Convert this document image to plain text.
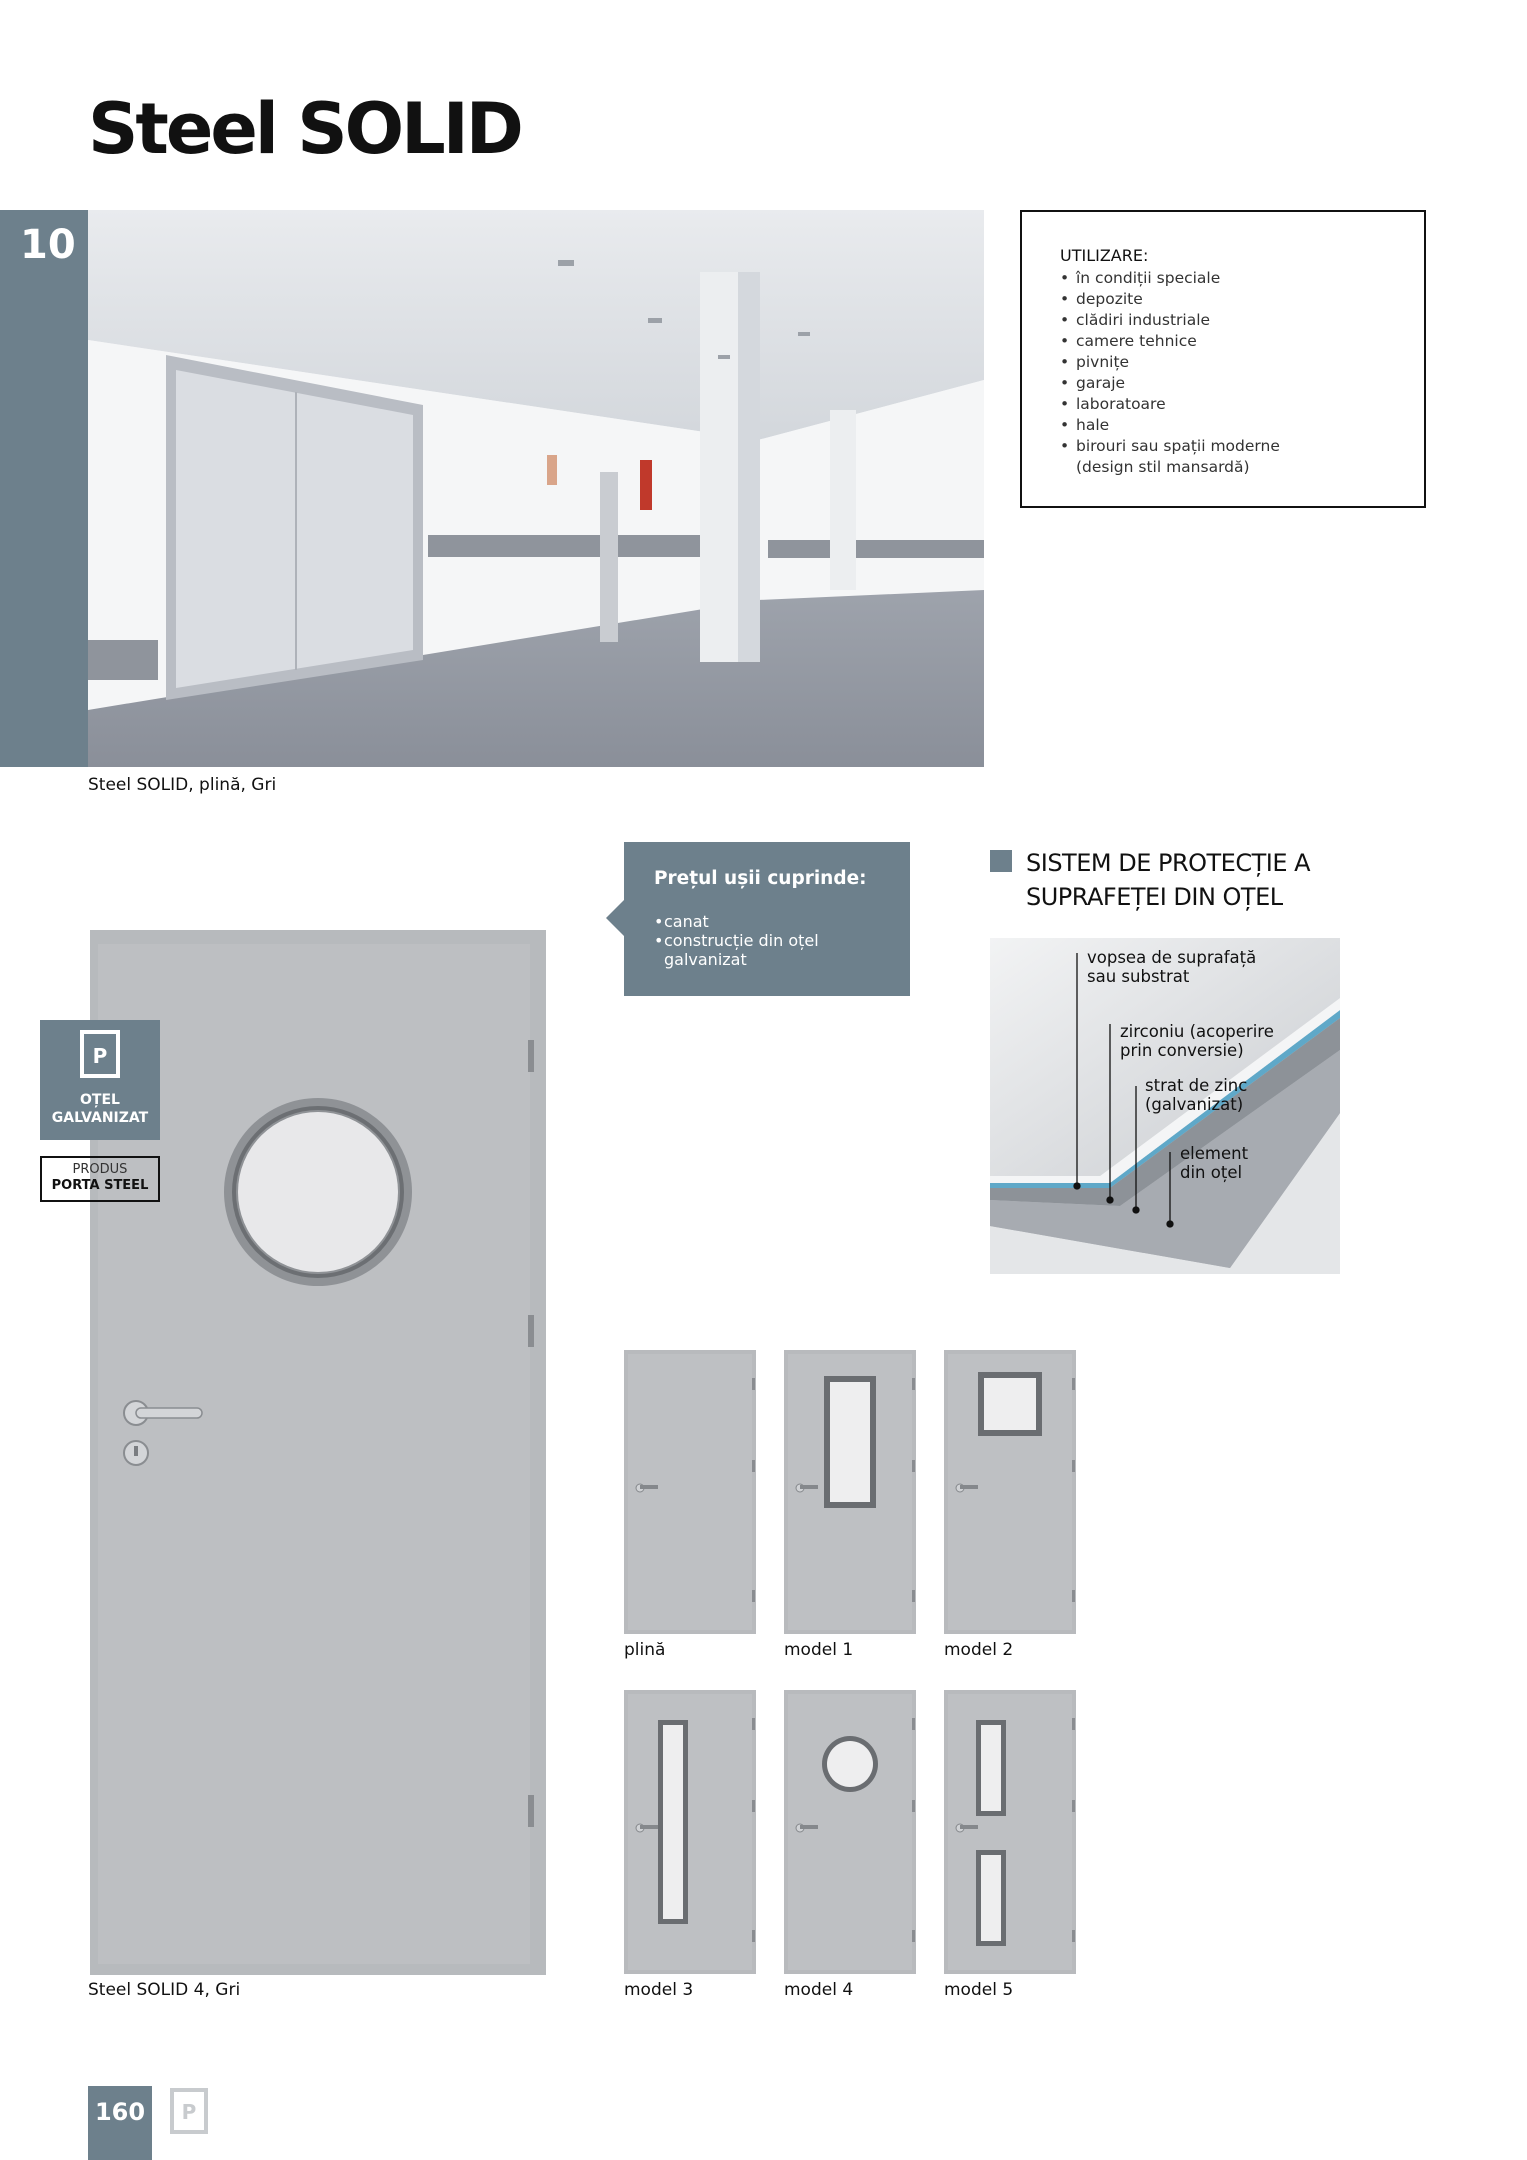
Steel SOLID
10
Steel SOLID, plină, Gri
UTILIZARE:
• în condiții speciale
• depozite
• clădiri industriale
• camere tehnice
• pivnițe
• garaje
• laboratoare
• hale
• birouri sau spații moderne
(design stil mansardă)
Prețul ușii cuprinde:
• canat
• construcție din oțel
galvanizat
SISTEM DE PROTECȚIE A
SUPRAFEȚEI DIN OȚEL
vopsea de suprafață
sau substrat
zirconiu (acoperire
prin conversie)
strat de zinc
(galvanizat)
element
din oțel
Steel SOLID 4, Gri
P
OȚEL
GALVANIZAT
PRODUS
PORTA STEEL
plină	model 1	model 2
model 3	model 4	model 5
160	P
